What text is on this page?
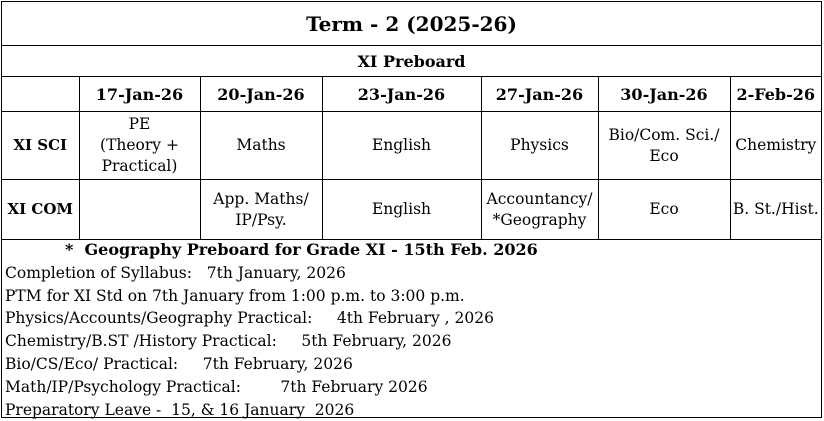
Term - 2 (2025-26)
XI Preboard
	17-Jan-26	20-Jan-26	23-Jan-26	27-Jan-26	30-Jan-26	2-Feb-26
XI SCI	PE
(Theory +
Practical)	Maths	English	Physics	Bio/Com. Sci./
Eco	Chemistry
XI COM		App. Maths/
IP/Psy.	English	Accountancy/
*Geography	Eco	B. St./Hist.
*  Geography Preboard for Grade XI - 15th Feb. 2026
Completion of Syllabus:   7th January, 2026
PTM for XI Std on 7th January from 1:00 p.m. to 3:00 p.m.
Physics/Accounts/Geography Practical:     4th February , 2026
Chemistry/B.ST /History Practical:     5th February, 2026
Bio/CS/Eco/ Practical:     7th February, 2026
Math/IP/Psychology Practical:        7th February 2026
Preparatory Leave -  15, & 16 January  2026
